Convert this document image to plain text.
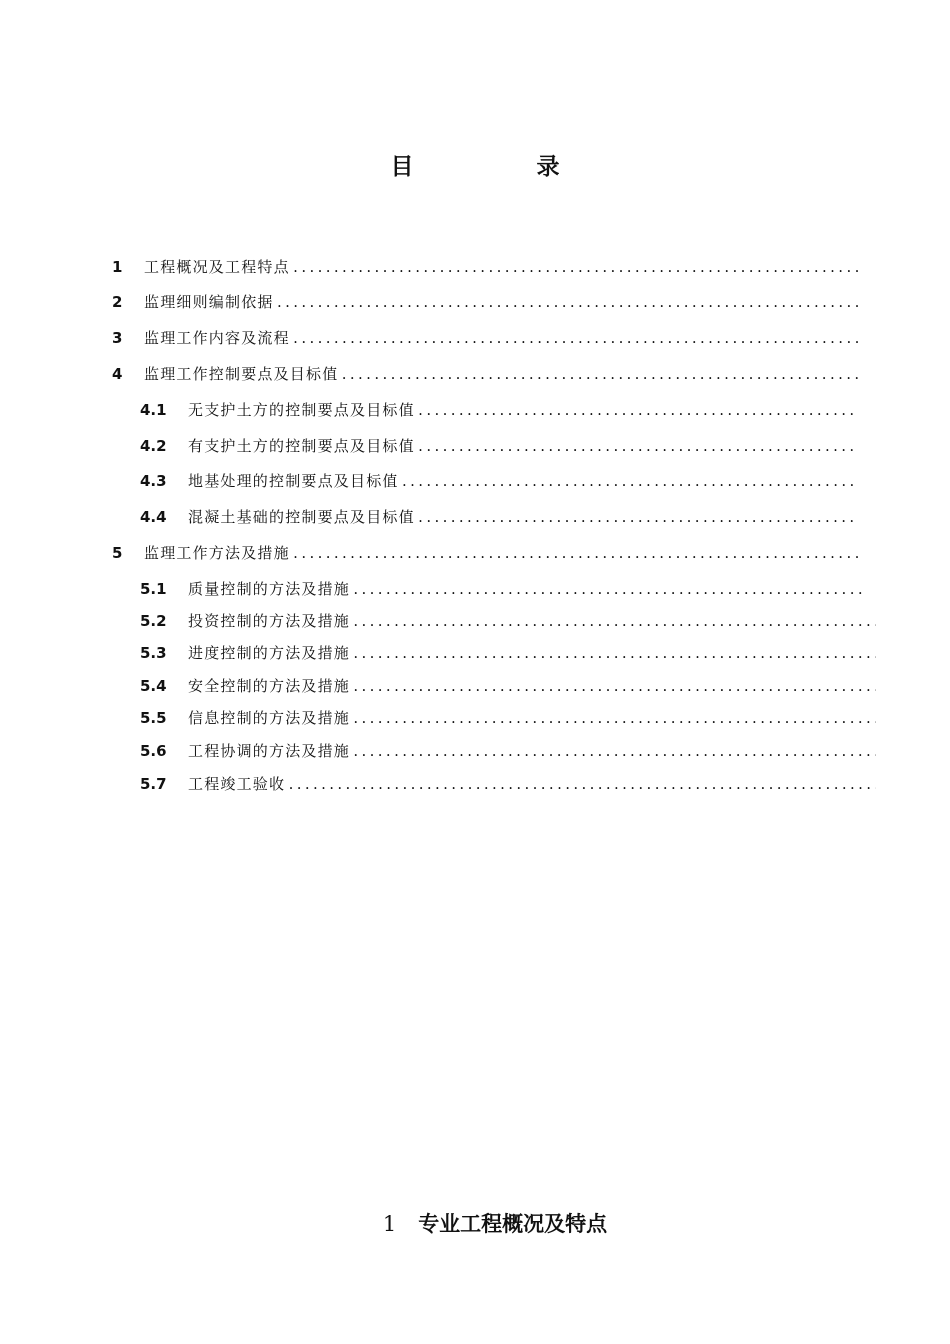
目　录
1 工程概况及工程特点 . . .
2 监理细则编制依据 . . .
3 监理工作内容及流程 . . .
4 监理工作控制要点及目标值 . . .
4.1 无支护土方的控制要点及目标值 . . .
4.2 有支护土方的控制要点及目标值 . . .
4.3 地基处理的控制要点及目标值 . . .
4.4 混凝土基础的控制要点及目标值 . . .
5 监理工作方法及措施 . . .
5.1 质量控制的方法及措施 . . .
5.2 投资控制的方法及措施 . . .
5.3 进度控制的方法及措施 . . .
5.4 安全控制的方法及措施 . . .
5.5 信息控制的方法及措施 . . .
5.6 工程协调的方法及措施 . . .
5.7 工程竣工验收 . . .
1 专业工程概况及特点
